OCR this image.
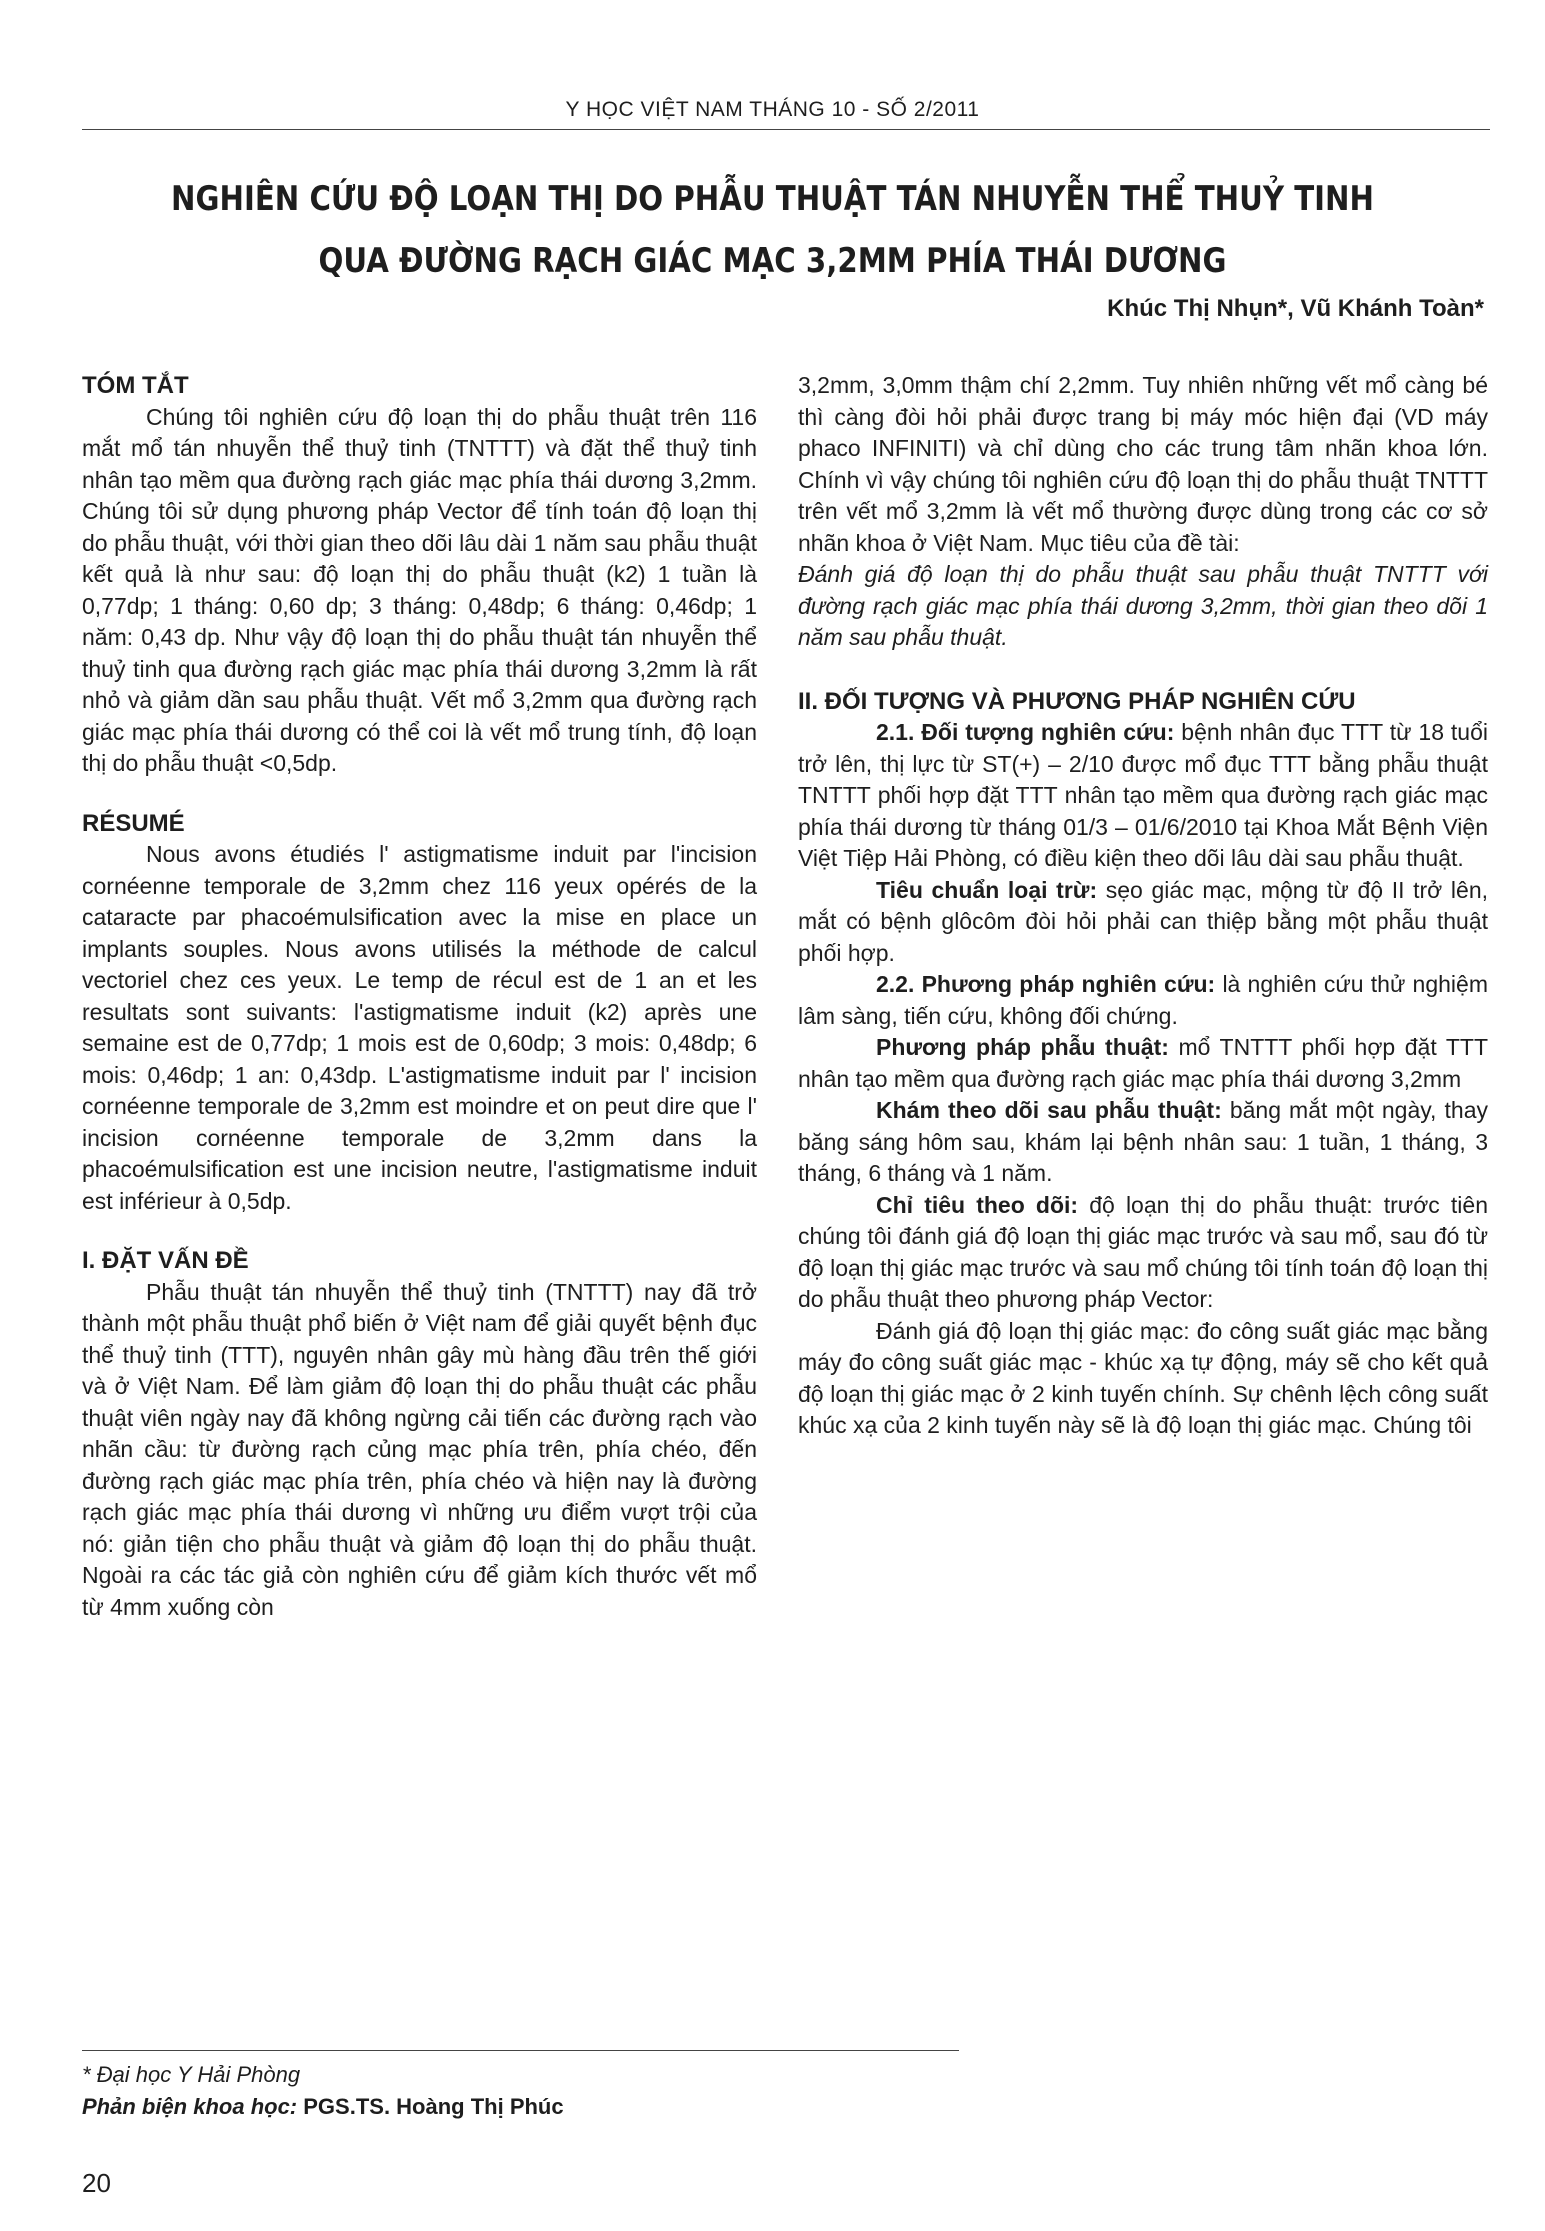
Y HỌC VIỆT NAM THÁNG 10 - SỐ 2/2011
NGHIÊN CỨU ĐỘ LOẠN THỊ DO PHẪU THUẬT TÁN NHUYỄN THỂ THUỶ TINH
QUA ĐƯỜNG RẠCH GIÁC MẠC 3,2MM PHÍA THÁI DƯƠNG
Khúc Thị Nhụn*, Vũ Khánh Toàn*

TÓM TẮT

Chúng tôi nghiên cứu độ loạn thị do phẫu thuật trên 116 mắt mổ tán nhuyễn thể thuỷ tinh (TNTTT) và đặt thể thuỷ tinh nhân tạo mềm qua đường rạch giác mạc phía thái dương 3,2mm. Chúng tôi sử dụng phương pháp Vector để tính toán độ loạn thị do phẫu thuật, với thời gian theo dõi lâu dài 1 năm sau phẫu thuật kết quả là như sau: độ loạn thị do phẫu thuật (k2) 1 tuần là 0,77dp; 1 tháng: 0,60 dp; 3 tháng: 0,48dp; 6 tháng: 0,46dp; 1 năm: 0,43 dp. Như vậy độ loạn thị do phẫu thuật tán nhuyễn thể thuỷ tinh qua đường rạch giác mạc phía thái dương 3,2mm là rất nhỏ và giảm dần sau phẫu thuật. Vết mổ 3,2mm qua đường rạch giác mạc phía thái dương có thể coi là vết mổ trung tính, độ loạn thị do phẫu thuật <0,5dp.

RÉSUMÉ

Nous avons étudiés l' astigmatisme induit par l'incision cornéenne temporale de 3,2mm chez 116 yeux opérés de la cataracte par phacoémulsification avec la mise en place un implants souples. Nous avons utilisés la méthode de calcul vectoriel chez ces yeux. Le temp de récul est de 1 an et les resultats sont suivants: l'astigmatisme induit (k2) après une semaine est de 0,77dp; 1 mois est de 0,60dp; 3 mois: 0,48dp; 6 mois: 0,46dp; 1 an: 0,43dp. L'astigmatisme induit par l' incision cornéenne temporale de 3,2mm est moindre et on peut dire que l' incision cornéenne temporale de 3,2mm dans la phacoémulsification est une incision neutre, l'astigmatisme induit est inférieur à 0,5dp.

I. ĐẶT VẤN ĐỀ

Phẫu thuật tán nhuyễn thể thuỷ tinh (TNTTT) nay đã trở thành một phẫu thuật phổ biến ở Việt nam để giải quyết bệnh đục thể thuỷ tinh (TTT), nguyên nhân gây mù hàng đầu trên thế giới và ở Việt Nam. Để làm giảm độ loạn thị do phẫu thuật các phẫu thuật viên ngày nay đã không ngừng cải tiến các đường rạch vào nhãn cầu: từ đường rạch củng mạc phía trên, phía chéo, đến đường rạch giác mạc phía trên, phía chéo và hiện nay là đường rạch giác mạc phía thái dương vì những ưu điểm vượt trội của nó: giản tiện cho phẫu thuật và giảm độ loạn thị do phẫu thuật. Ngoài ra các tác giả còn nghiên cứu để giảm kích thước vết mổ từ 4mm xuống còn

3,2mm, 3,0mm thậm chí 2,2mm. Tuy nhiên những vết mổ càng bé thì càng đòi hỏi phải được trang bị máy móc hiện đại (VD máy phaco INFINITI) và chỉ dùng cho các trung tâm nhãn khoa lớn. Chính vì vậy chúng tôi nghiên cứu độ loạn thị do phẫu thuật TNTTT trên vết mổ 3,2mm là vết mổ thường được dùng trong các cơ sở nhãn khoa ở Việt Nam. Mục tiêu của đề tài:

Đánh giá độ loạn thị do phẫu thuật sau phẫu thuật TNTTT với đường rạch giác mạc phía thái dương 3,2mm, thời gian theo dõi 1 năm sau phẫu thuật.

II. ĐỐI TƯỢNG VÀ PHƯƠNG PHÁP NGHIÊN CỨU

2.1. Đối tượng nghiên cứu: bệnh nhân đục TTT từ 18 tuổi trở lên, thị lực từ ST(+) – 2/10 được mổ đục TTT bằng phẫu thuật TNTTT phối hợp đặt TTT nhân tạo mềm qua đường rạch giác mạc phía thái dương từ tháng 01/3 – 01/6/2010 tại Khoa Mắt Bệnh Viện Việt Tiệp Hải Phòng, có điều kiện theo dõi lâu dài sau phẫu thuật.

Tiêu chuẩn loại trừ: sẹo giác mạc, mộng từ độ II trở lên, mắt có bệnh glôcôm đòi hỏi phải can thiệp bằng một phẫu thuật phối hợp.

2.2. Phương pháp nghiên cứu: là nghiên cứu thử nghiệm lâm sàng, tiến cứu, không đối chứng.

Phương pháp phẫu thuật: mổ TNTTT phối hợp đặt TTT nhân tạo mềm qua đường rạch giác mạc phía thái dương 3,2mm

Khám theo dõi sau phẫu thuật: băng mắt một ngày, thay băng sáng hôm sau, khám lại bệnh nhân sau: 1 tuần, 1 tháng, 3 tháng, 6 tháng và 1 năm.

Chỉ tiêu theo dõi: độ loạn thị do phẫu thuật: trước tiên chúng tôi đánh giá độ loạn thị giác mạc trước và sau mổ, sau đó từ độ loạn thị giác mạc trước và sau mổ chúng tôi tính toán độ loạn thị do phẫu thuật theo phương pháp Vector:

Đánh giá độ loạn thị giác mạc: đo công suất giác mạc bằng máy đo công suất giác mạc - khúc xạ tự động, máy sẽ cho kết quả độ loạn thị giác mạc ở 2 kinh tuyến chính. Sự chênh lệch công suất khúc xạ của 2 kinh tuyến này sẽ là độ loạn thị giác mạc. Chúng tôi

* Đại học Y Hải Phòng
Phản biện khoa học: PGS.TS. Hoàng Thị Phúc
20
